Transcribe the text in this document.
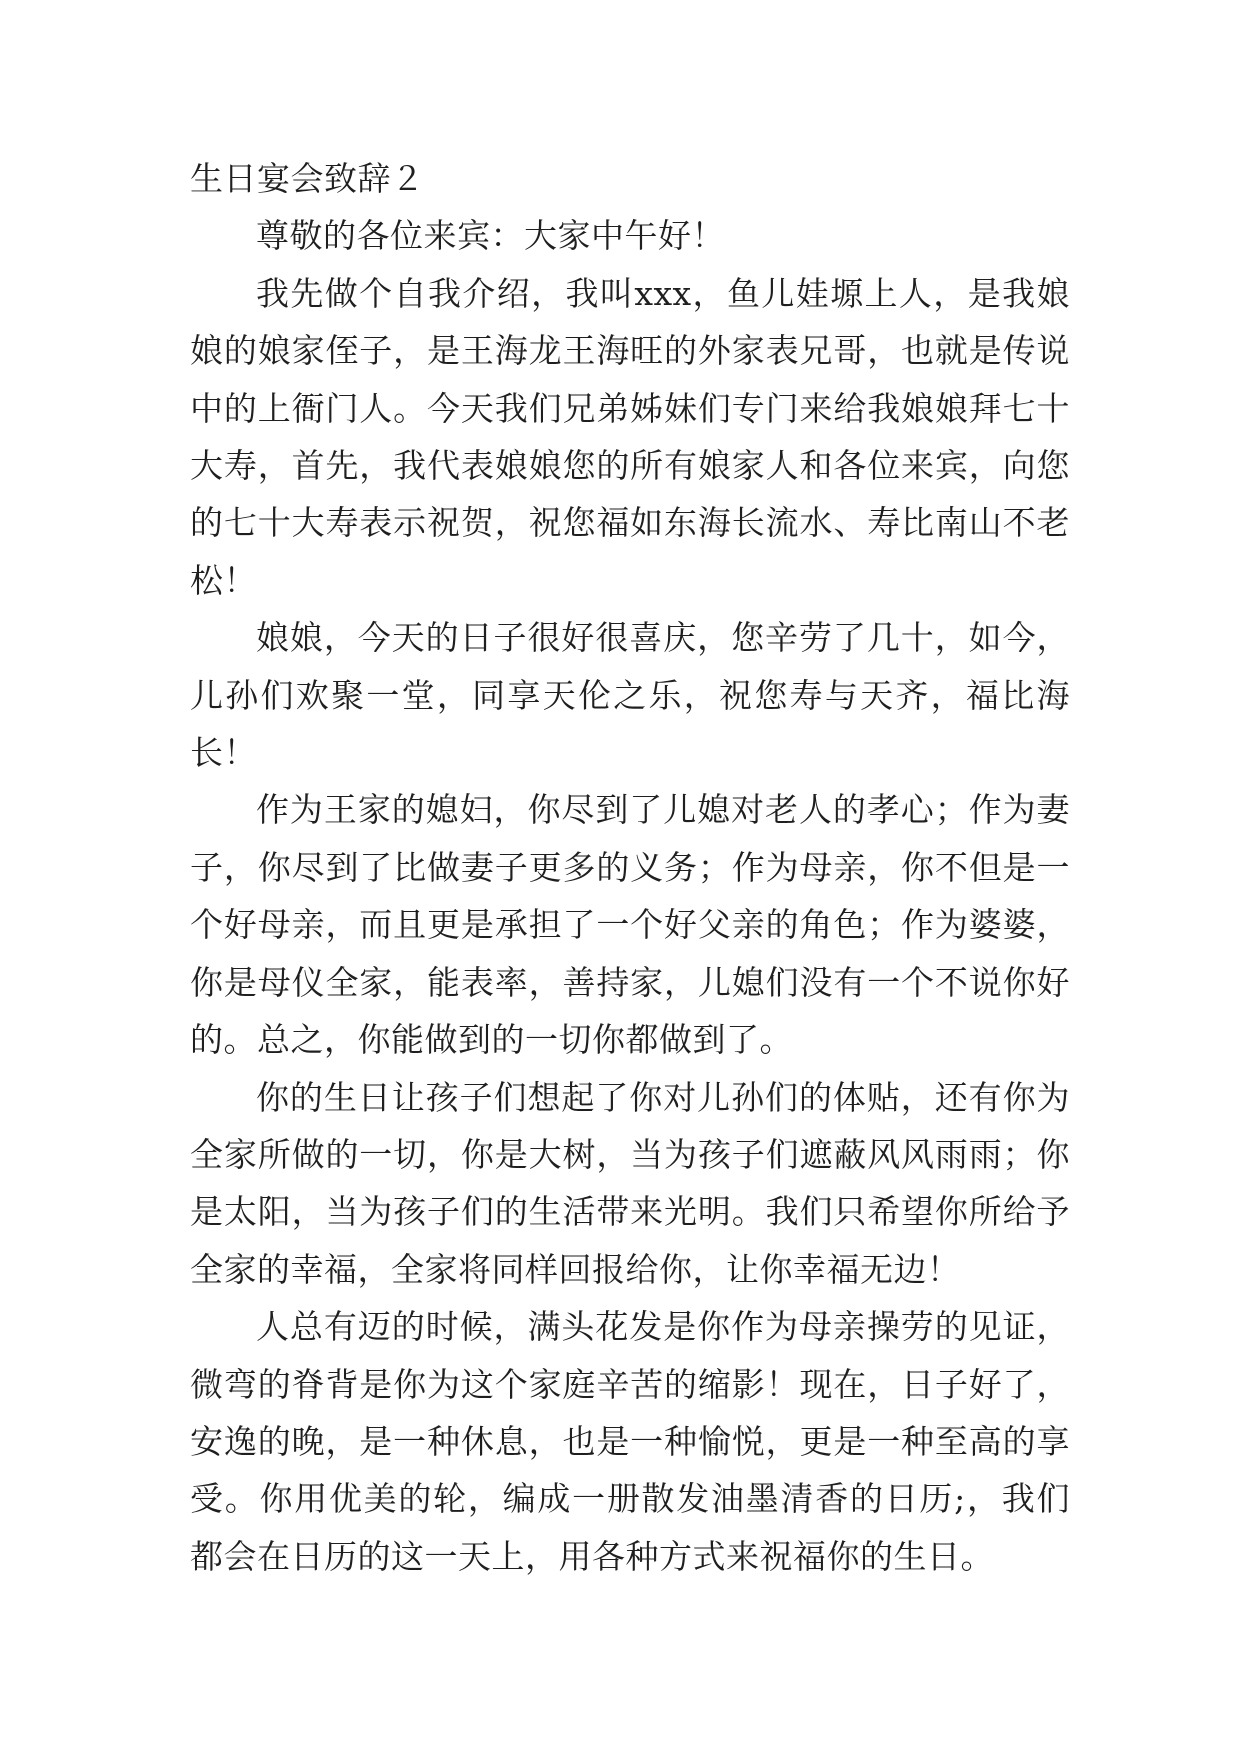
生日宴会致辞２

尊敬的各位来宾：大家中午好！

我先做个自我介绍，我叫xxx，鱼儿娃塬上人，是我娘娘的娘家侄子，是王海龙王海旺的外家表兄哥，也就是传说中的上衙门人。今天我们兄弟姊妹们专门来给我娘娘拜七十大寿，首先，我代表娘娘您的所有娘家人和各位来宾，向您的七十大寿表示祝贺，祝您福如东海长流水、寿比南山不老松！

娘娘，今天的日子很好很喜庆，您辛劳了几十，如今，儿孙们欢聚一堂，同享天伦之乐，祝您寿与天齐，福比海长！

作为王家的媳妇，你尽到了儿媳对老人的孝心；作为妻子，你尽到了比做妻子更多的义务；作为母亲，你不但是一个好母亲，而且更是承担了一个好父亲的角色；作为婆婆，你是母仪全家，能表率，善持家，儿媳们没有一个不说你好的。总之，你能做到的一切你都做到了。

你的生日让孩子们想起了你对儿孙们的体贴，还有你为全家所做的一切，你是大树，当为孩子们遮蔽风风雨雨；你是太阳，当为孩子们的生活带来光明。我们只希望你所给予全家的幸福，全家将同样回报给你，让你幸福无边！

人总有迈的时候，满头花发是你作为母亲操劳的见证，微弯的脊背是你为这个家庭辛苦的缩影！现在，日子好了，安逸的晚，是一种休息，也是一种愉悦，更是一种至高的享受。你用优美的轮，编成一册散发油墨清香的日历;，我们都会在日历的这一天上，用各种方式来祝福你的生日。
